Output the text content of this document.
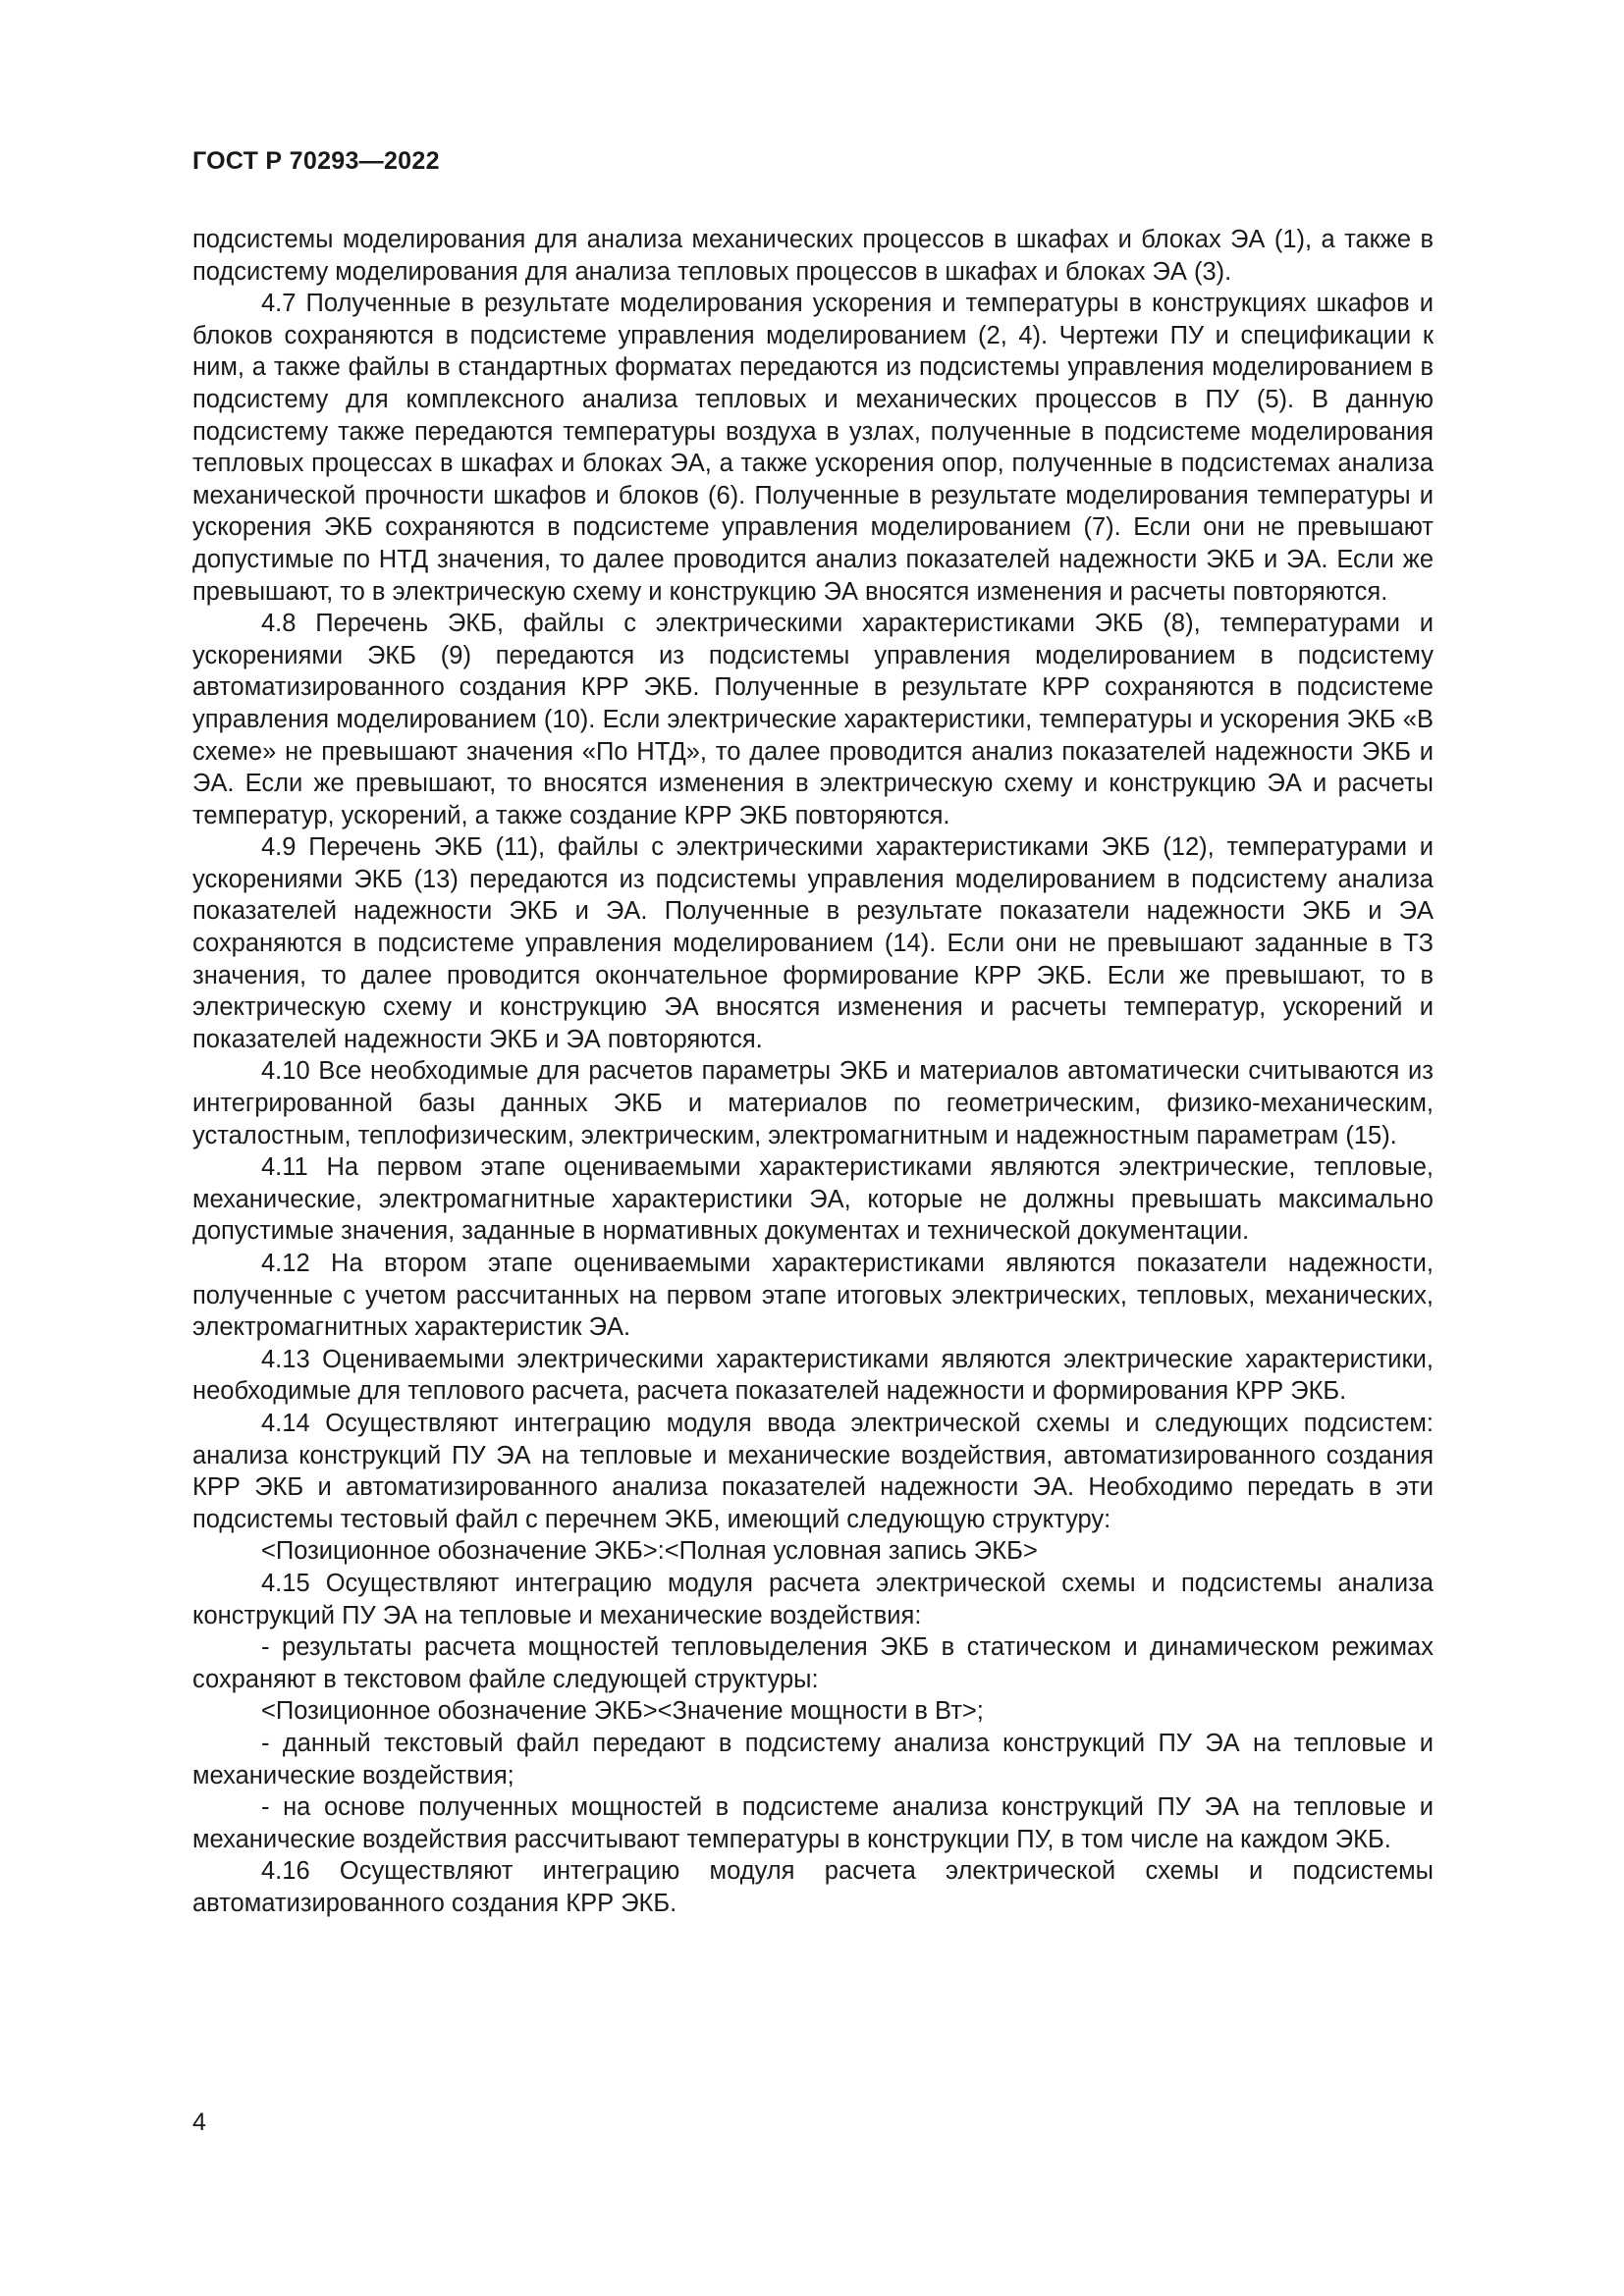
ГОСТ Р 70293—2022

подсистемы моделирования для анализа механических процессов в шкафах и блоках ЭА (1), а также в подсистему моделирования для анализа тепловых процессов в шкафах и блоках ЭА (3).

4.7 Полученные в результате моделирования ускорения и температуры в конструкциях шкафов и блоков сохраняются в подсистеме управления моделированием (2, 4). Чертежи ПУ и спецификации к ним, а также файлы в стандартных форматах передаются из подсистемы управления моделированием в подсистему для комплексного анализа тепловых и механических процессов в ПУ (5). В данную подсистему также передаются температуры воздуха в узлах, полученные в подсистеме моделирования тепловых процессах в шкафах и блоках ЭА, а также ускорения опор, полученные в подсистемах анализа механической прочности шкафов и блоков (6). Полученные в результате моделирования температуры и ускорения ЭКБ сохраняются в подсистеме управления моделированием (7). Если они не превышают допустимые по НТД значения, то далее проводится анализ показателей надежности ЭКБ и ЭА. Если же превышают, то в электрическую схему и конструкцию ЭА вносятся изменения и расчеты повторяются.

4.8 Перечень ЭКБ, файлы с электрическими характеристиками ЭКБ (8), температурами и ускорениями ЭКБ (9) передаются из подсистемы управления моделированием в подсистему автоматизированного создания КРР ЭКБ. Полученные в результате КРР сохраняются в подсистеме управления моделированием (10). Если электрические характеристики, температуры и ускорения ЭКБ «В схеме» не превышают значения «По НТД», то далее проводится анализ показателей надежности ЭКБ и ЭА. Если же превышают, то вносятся изменения в электрическую схему и конструкцию ЭА и расчеты температур, ускорений, а также создание КРР ЭКБ повторяются.

4.9 Перечень ЭКБ (11), файлы с электрическими характеристиками ЭКБ (12), температурами и ускорениями ЭКБ (13) передаются из подсистемы управления моделированием в подсистему анализа показателей надежности ЭКБ и ЭА. Полученные в результате показатели надежности ЭКБ и ЭА сохраняются в подсистеме управления моделированием (14). Если они не превышают заданные в ТЗ значения, то далее проводится окончательное формирование КРР ЭКБ. Если же превышают, то в электрическую схему и конструкцию ЭА вносятся изменения и расчеты температур, ускорений и показателей надежности ЭКБ и ЭА повторяются.

4.10 Все необходимые для расчетов параметры ЭКБ и материалов автоматически считываются из интегрированной базы данных ЭКБ и материалов по геометрическим, физико-механическим, усталостным, теплофизическим, электрическим, электромагнитным и надежностным параметрам (15).

4.11 На первом этапе оцениваемыми характеристиками являются электрические, тепловые, механические, электромагнитные характеристики ЭА, которые не должны превышать максимально допустимые значения, заданные в нормативных документах и технической документации.

4.12 На втором этапе оцениваемыми характеристиками являются показатели надежности, полученные с учетом рассчитанных на первом этапе итоговых электрических, тепловых, механических, электромагнитных характеристик ЭА.

4.13 Оцениваемыми электрическими характеристиками являются электрические характеристики, необходимые для теплового расчета, расчета показателей надежности и формирования КРР ЭКБ.

4.14 Осуществляют интеграцию модуля ввода электрической схемы и следующих подсистем: анализа конструкций ПУ ЭА на тепловые и механические воздействия, автоматизированного создания КРР ЭКБ и автоматизированного анализа показателей надежности ЭА. Необходимо передать в эти подсистемы тестовый файл с перечнем ЭКБ, имеющий следующую структуру:

<Позиционное обозначение ЭКБ>:<Полная условная запись ЭКБ>

4.15 Осуществляют интеграцию модуля расчета электрической схемы и подсистемы анализа конструкций ПУ ЭА на тепловые и механические воздействия:

- результаты расчета мощностей тепловыделения ЭКБ в статическом и динамическом режимах сохраняют в текстовом файле следующей структуры:

<Позиционное обозначение ЭКБ><Значение мощности в Вт>;

- данный текстовый файл передают в подсистему анализа конструкций ПУ ЭА на тепловые и механические воздействия;

- на основе полученных мощностей в подсистеме анализа конструкций ПУ ЭА на тепловые и механические воздействия рассчитывают температуры в конструкции ПУ, в том числе на каждом ЭКБ.

4.16 Осуществляют интеграцию модуля расчета электрической схемы и подсистемы автоматизированного создания КРР ЭКБ.

4
